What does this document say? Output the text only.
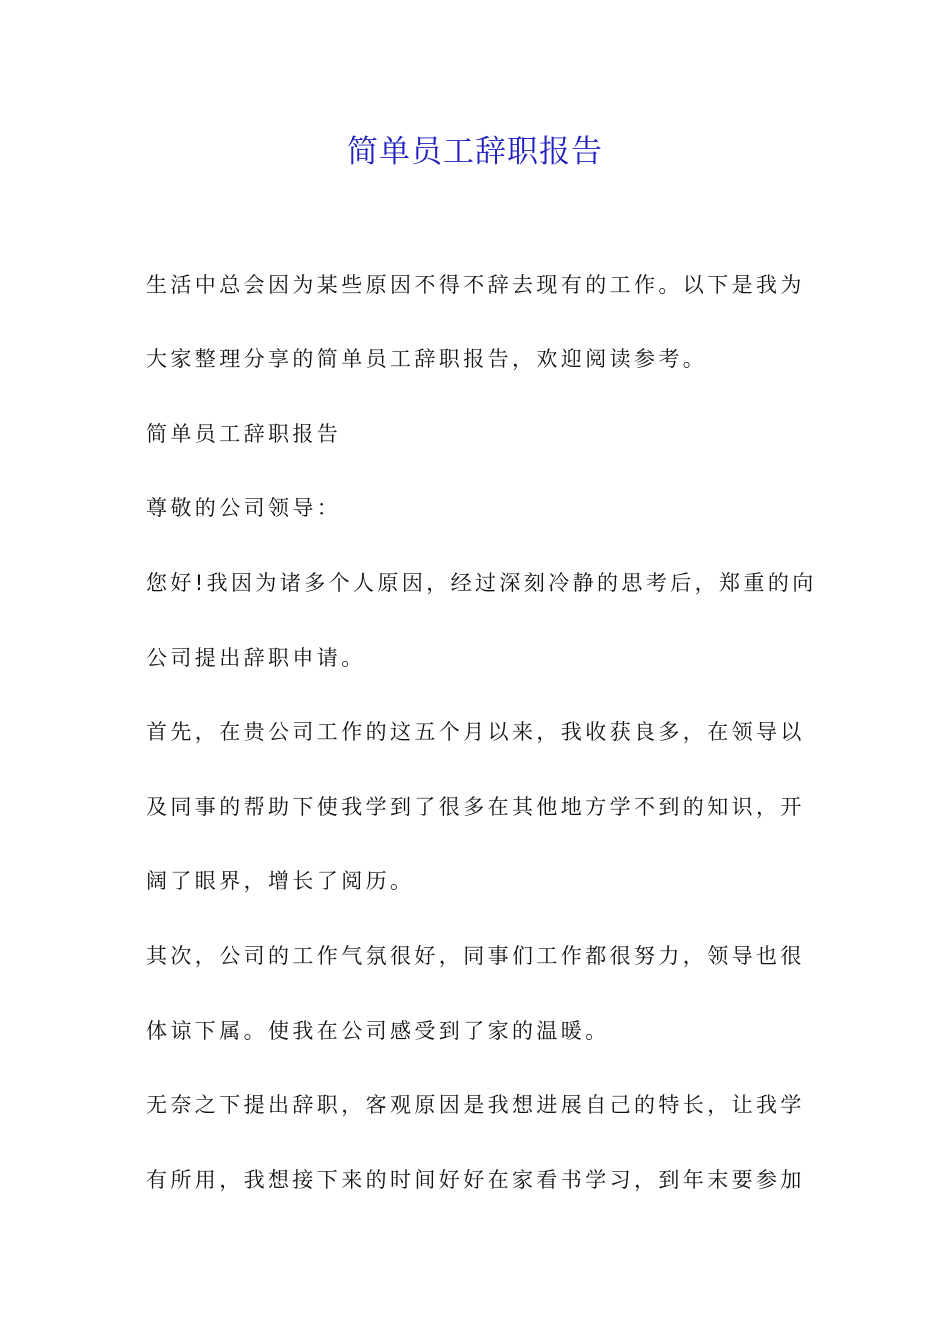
简单员工辞职报告

生活中总会因为某些原因不得不辞去现有的工作。以下是我为

大家整理分享的简单员工辞职报告，欢迎阅读参考。

简单员工辞职报告

尊敬的公司领导：

您好!我因为诸多个人原因，经过深刻冷静的思考后，郑重的向

公司提出辞职申请。

首先，在贵公司工作的这五个月以来，我收获良多，在领导以

及同事的帮助下使我学到了很多在其他地方学不到的知识，开

阔了眼界，增长了阅历。

其次，公司的工作气氛很好，同事们工作都很努力，领导也很

体谅下属。使我在公司感受到了家的温暖。

无奈之下提出辞职，客观原因是我想进展自己的特长，让我学

有所用，我想接下来的时间好好在家看书学习，到年末要参加
